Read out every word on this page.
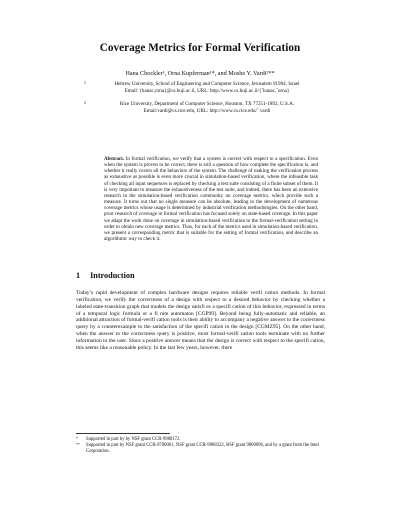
Coverage Metrics for Formal Verification
Hana Chockler¹, Orna Kupferman¹*, and Moshe Y. Vardi²**
1	Hebrew University, School of Engineering and Computer Science, Jerusalem 91904, Israel
Email: {hanac,orna}@cs.huji.ac.il, URL: http://www.cs.huji.ac.il/{˜hanac,˜orna}
2	Rice University, Department of Computer Science, Houston, TX 77251-1892, U.S.A.
Email:vardi@cs.rice.edu, URL: http://www.cs.rice.edu/˜ vardi
Abstract. In formal verification, we verify that a system is correct with respect to a specification. Even when the system is proven to be correct, there is still a question of how complete the specification is, and whether it really covers all the behaviors of the system. The challenge of making the verification process as exhaustive as possible is even more crucial in simulation-based verification, where the infeasible task of checking all input sequences is replaced by checking a test suite consisting of a finite subset of them. It is very important to measure the exhaustiveness of the test suite, and indeed, there has been an extensive research in the simulation-based verification community on coverage metrics, which provide such a measure. It turns out that no single measure can be absolute, leading to the development of numerous coverage metrics whose usage is determined by industrial verification methodologies. On the other hand, prior research of coverage in formal verification has focused solely on state-based coverage. In this paper we adapt the work done on coverage in simulation-based verification to the formal-verification setting in order to obtain new coverage metrics. Thus, for each of the metrics used in simulation-based verification, we present a corresponding metric that is suitable for the setting of formal verification, and describe an algorithmic way to check it.
1 Introduction

Today’s rapid development of complex hardware designs requires reliable verifi cation methods. In formal verification, we verify the correctness of a design with respect to a desired behavior by checking whether a labeled state-transition graph that models the design satisfi es a specifi cation of this behavior, expressed in terms of a temporal logic formula or a fi nite automaton [CGP99]. Beyond being fully-automatic and reliable, an additional attraction of formal-verifi cation tools is their ability to accompany a negative answer to the correctness query by a counterexample to the satisfaction of the specifi cation in the design [CGMZ95]. On the other hand, when the answer to the correctness query is positive, most formal-verifi cation tools terminate with no further information to the user. Since a positive answer means that the design is correct with respect to the specifi cation, this seems like a reasonable policy. In the last few years, however, there

* Supported in part by by NSF grant CCR-9988172.
** Supported in part by NSF grant CCR-9700061, NSF grant CCR-9988322, BSF grant 9800096, and by a grant from the Intel Corporation.
